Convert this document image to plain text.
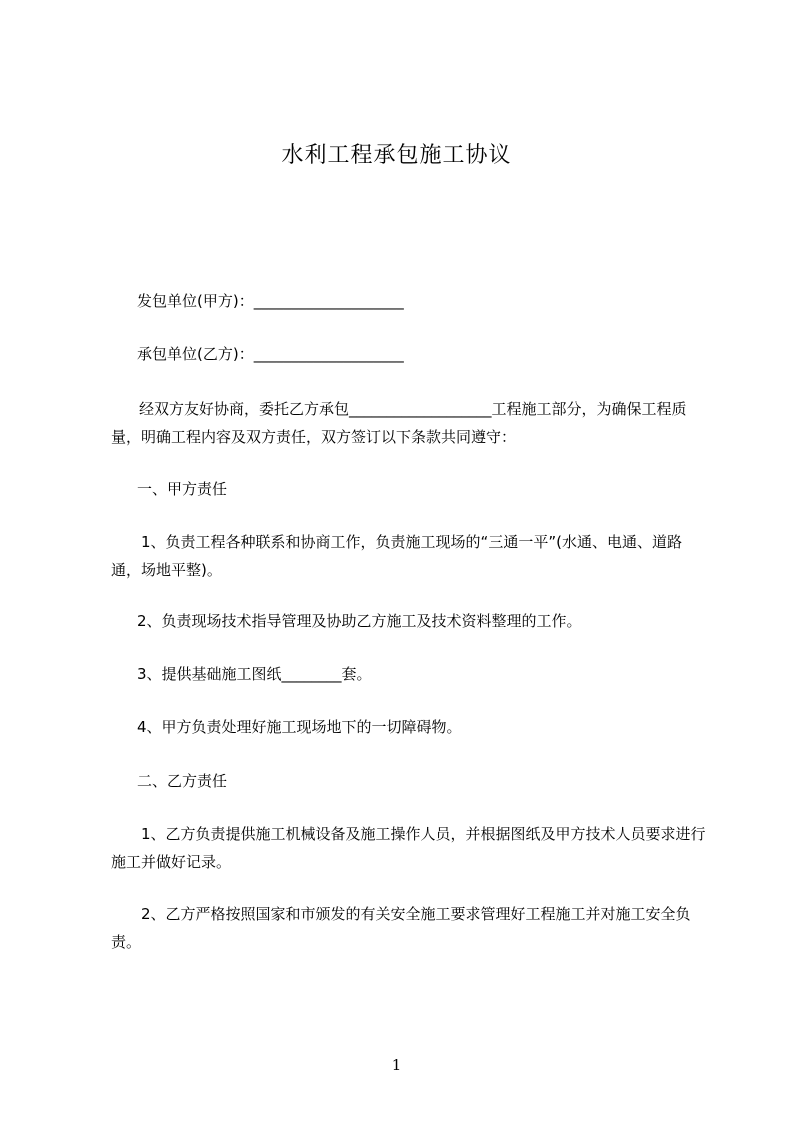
水利工程承包施工协议
发包单位(甲方)：____________________
承包单位(乙方)：____________________
经双方友好协商，委托乙方承包___________________工程施工部分，为确保工程质量，明确工程内容及双方责任，双方签订以下条款共同遵守：
一、甲方责任
1、负责工程各种联系和协商工作，负责施工现场的“三通一平”(水通、电通、道路通，场地平整)。
2、负责现场技术指导管理及协助乙方施工及技术资料整理的工作。
3、提供基础施工图纸________套。
4、甲方负责处理好施工现场地下的一切障碍物。
二、乙方责任
1、乙方负责提供施工机械设备及施工操作人员，并根据图纸及甲方技术人员要求进行施工并做好记录。
2、乙方严格按照国家和市颁发的有关安全施工要求管理好工程施工并对施工安全负责。
1
